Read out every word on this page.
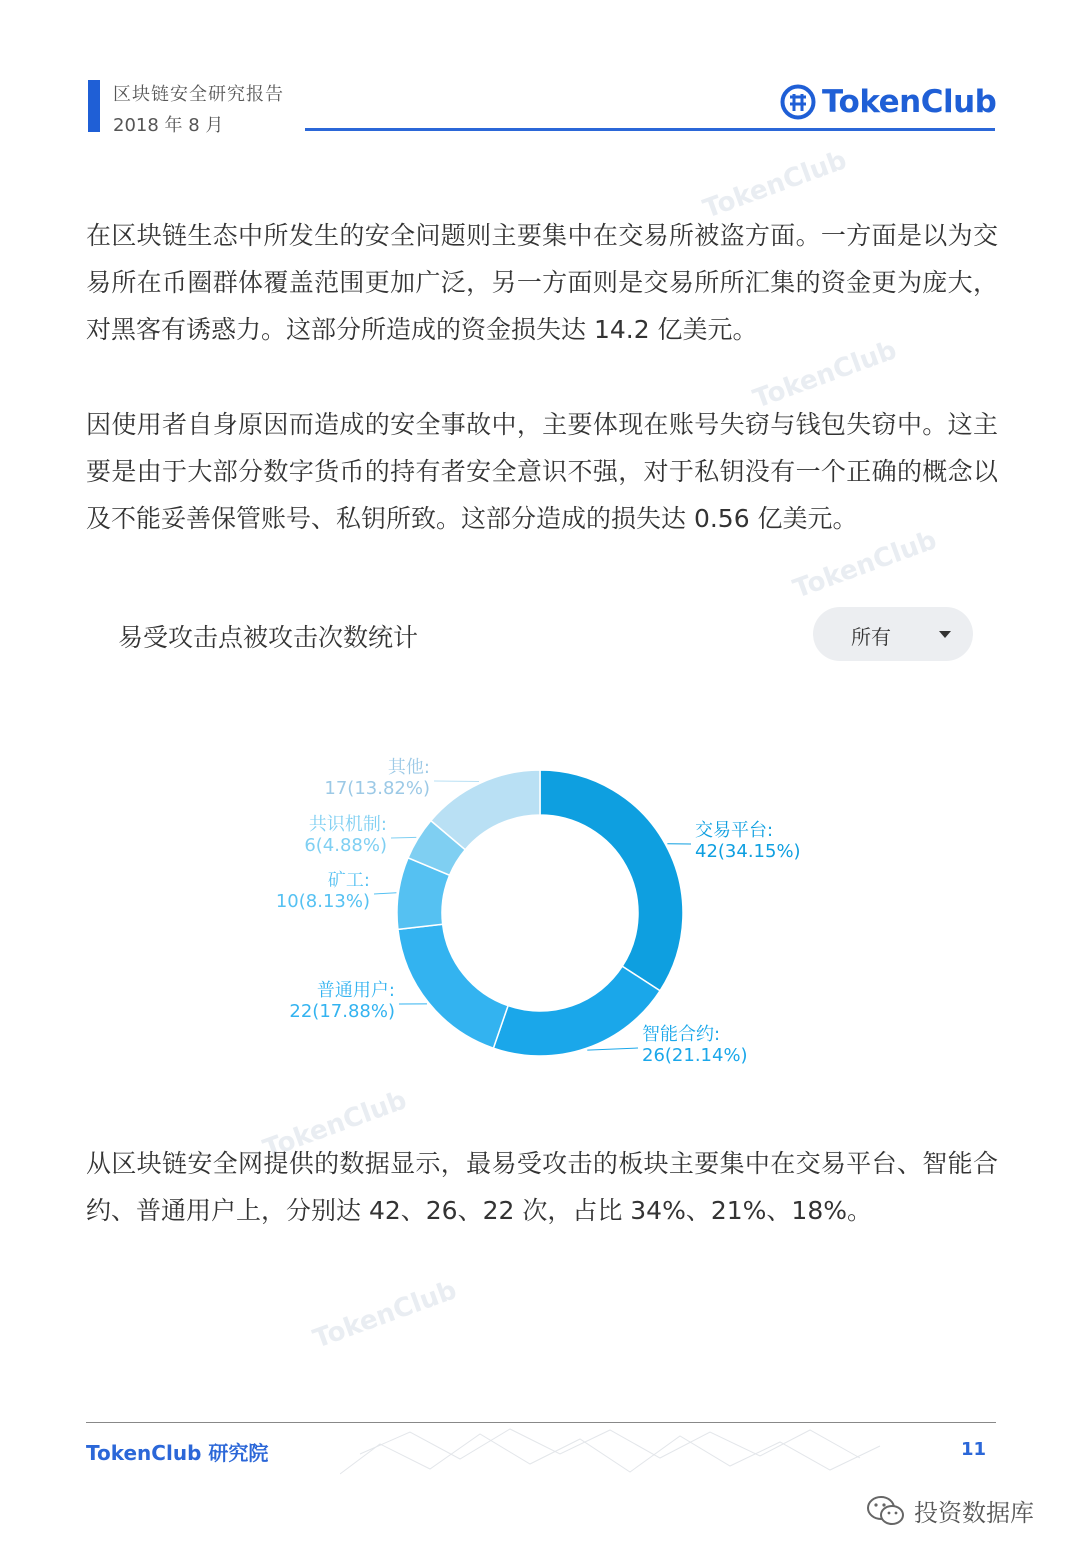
区块链安全研究报告
2018 年 8 月
TokenClub
TokenClub
TokenClub
TokenClub
TokenClub
TokenClub

在区块链生态中所发生的安全问题则主要集中在交易所被盗方面。一方面是以为交易所在币圈群体覆盖范围更加广泛，另一方面则是交易所所汇集的资金更为庞大，对黑客有诱惑力。这部分所造成的资金损失达 14.2 亿美元。

因使用者自身原因而造成的安全事故中，主要体现在账号失窃与钱包失窃中。这主要是由于大部分数字货币的持有者安全意识不强，对于私钥没有一个正确的概念以及不能妥善保管账号、私钥所致。这部分造成的损失达 0.56 亿美元。

易受攻击点被攻击次数统计	所有
交易平台:
42(34.15%)
智能合约:
26(21.14%)
普通用户:
22(17.88%)
矿工:
10(8.13%)
共识机制:
6(4.88%)
其他:
17(13.82%)

从区块链安全网提供的数据显示，最易受攻击的板块主要集中在交易平台、智能合约、普通用户上，分别达 42、26、22 次，占比 34%、21%、18%。

TokenClub 研究院	11
投资数据库
